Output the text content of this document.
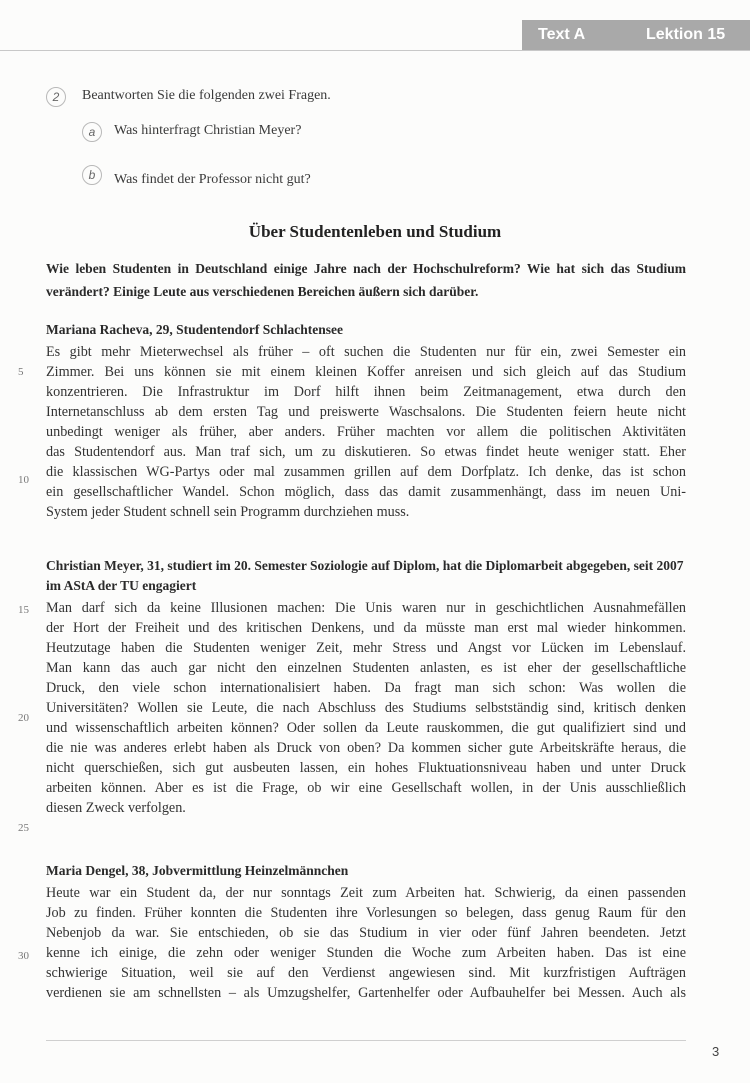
Text A	Lektion 15
2	Beantworten Sie die folgenden zwei Fragen.
a	Was hinterfragt Christian Meyer?
b	Was findet der Professor nicht gut?
Über Studentenleben und Studium
Wie leben Studenten in Deutschland einige Jahre nach der Hochschulreform? Wie hat sich das Studium verändert? Einige Leute aus verschiedenen Bereichen äußern sich darüber.
Mariana Racheva, 29, Studentendorf Schlachtensee
Es gibt mehr Mieterwechsel als früher – oft suchen die Studenten nur für ein, zwei Semester ein
Zimmer. Bei uns können sie mit einem kleinen Koffer anreisen und sich gleich auf das Studium
konzentrieren. Die Infrastruktur im Dorf hilft ihnen beim Zeitmanagement, etwa durch den
Internetanschluss ab dem ersten Tag und preiswerte Waschsalons. Die Studenten feiern heute nicht
unbedingt weniger als früher, aber anders. Früher machten vor allem die politischen Aktivitäten
das Studentendorf aus. Man traf sich, um zu diskutieren. So etwas findet heute weniger statt. Eher
die klassischen WG-Partys oder mal zusammen grillen auf dem Dorfplatz. Ich denke, das ist schon
ein gesellschaftlicher Wandel. Schon möglich, dass das damit zusammenhängt, dass im neuen Uni-
System jeder Student schnell sein Programm durchziehen muss.
Christian Meyer, 31, studiert im 20. Semester Soziologie auf Diplom, hat die Diplomarbeit abgegeben, seit 2007 im AStA der TU engagiert
Man darf sich da keine Illusionen machen: Die Unis waren nur in geschichtlichen Ausnahmefällen
der Hort der Freiheit und des kritischen Denkens, und da müsste man erst mal wieder hinkommen.
Heutzutage haben die Studenten weniger Zeit, mehr Stress und Angst vor Lücken im Lebenslauf.
Man kann das auch gar nicht den einzelnen Studenten anlasten, es ist eher der gesellschaftliche
Druck, den viele schon internationalisiert haben. Da fragt man sich schon: Was wollen die
Universitäten? Wollen sie Leute, die nach Abschluss des Studiums selbstständig sind, kritisch denken
und wissenschaftlich arbeiten können? Oder sollen da Leute rauskommen, die gut qualifiziert sind und
die nie was anderes erlebt haben als Druck von oben? Da kommen sicher gute Arbeitskräfte heraus, die
nicht querschießen, sich gut ausbeuten lassen, ein hohes Fluktuationsniveau haben und unter Druck
arbeiten können. Aber es ist die Frage, ob wir eine Gesellschaft wollen, in der Unis ausschließlich
diesen Zweck verfolgen.
Maria Dengel, 38, Jobvermittlung Heinzelmännchen
Heute war ein Student da, der nur sonntags Zeit zum Arbeiten hat. Schwierig, da einen passenden
Job zu finden. Früher konnten die Studenten ihre Vorlesungen so belegen, dass genug Raum für den
Nebenjob da war. Sie entschieden, ob sie das Studium in vier oder fünf Jahren beendeten. Jetzt
kenne ich einige, die zehn oder weniger Stunden die Woche zum Arbeiten haben. Das ist eine
schwierige Situation, weil sie auf den Verdienst angewiesen sind. Mit kurzfristigen Aufträgen
verdienen sie am schnellsten – als Umzugshelfer, Gartenhelfer oder Aufbauhelfer bei Messen. Auch als
5
10
15
20
25
30
3
